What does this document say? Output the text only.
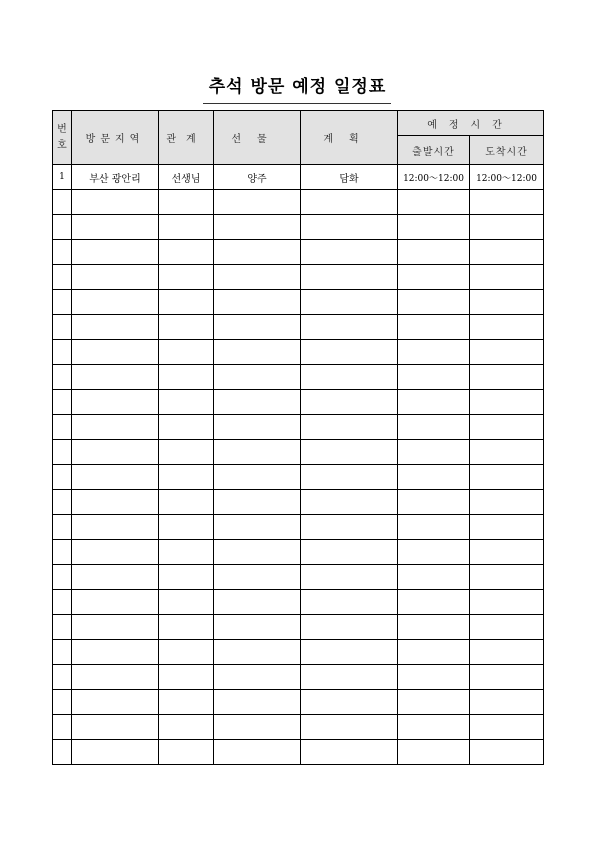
추석 방문 예정 일정표
번호	방문지역	관계	선물	계획	예정시간	
					출발시간	도착시간
1	부산 광안리	선생님	양주	담화	12:00～12:00	12:00～12:00
